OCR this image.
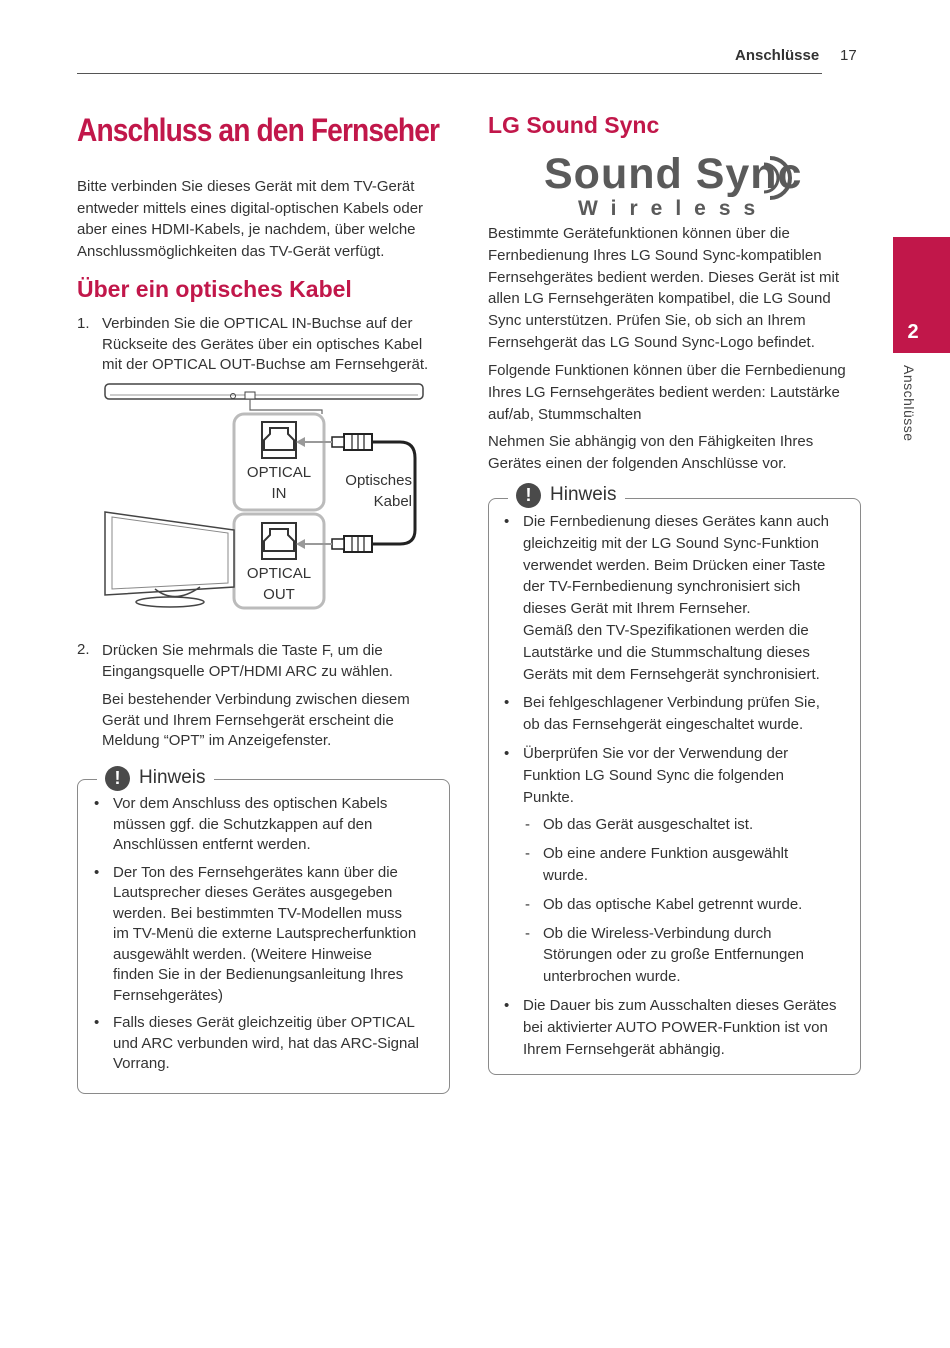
Anschlüsse 17
2
Anschlüsse
Anschluss an den Fernseher

Bitte verbinden Sie dieses Gerät mit dem TV-Gerät

entweder mittels eines digital-optischen Kabels oder

aber eines HDMI-Kabels, je nachdem, über welche

Anschlussmöglichkeiten das TV-Gerät verfügt.

Über ein optisches Kabel
1. Verbinden Sie die OPTICAL IN-Buchse auf der

Rückseite des Gerätes über ein optisches Kabel

mit der OPTICAL OUT-Buchse am Fernsehgerät.

OPTICAL
IN
Optisches
Kabel
OPTICAL
OUT
2. Drücken Sie mehrmals die Taste F, um die

Eingangsquelle OPT/HDMI ARC zu wählen.

Bei bestehender Verbindung zwischen diesem

Gerät und Ihrem Fernsehgerät erscheint die

Meldung “OPT” im Anzeigefenster.

! Hinweis
• Vor dem Anschluss des optischen Kabels
müssen ggf. die Schutzkappen auf den
Anschlüssen entfernt werden.
• Der Ton des Fernsehgerätes kann über die
Lautsprecher dieses Gerätes ausgegeben
werden. Bei bestimmten TV-Modellen muss
im TV-Menü die externe Lautsprecherfunktion
ausgewählt werden. (Weitere Hinweise
finden Sie in der Bedienungsanleitung Ihres
Fernsehgerätes)
• Falls dieses Gerät gleichzeitig über OPTICAL
und ARC verbunden wird, hat das ARC-Signal
Vorrang.
LG Sound Sync
Sound Sync
Wireless

Bestimmte Gerätefunktionen können über die

Fernbedienung Ihres LG Sound Sync-kompatiblen

Fernsehgerätes bedient werden. Dieses Gerät ist mit

allen LG Fernsehgeräten kompatibel, die LG Sound

Sync unterstützen. Prüfen Sie, ob sich an Ihrem

Fernsehgerät das LG Sound Sync-Logo befindet.

Folgende Funktionen können über die Fernbedienung

Ihres LG Fernsehgerätes bedient werden: Lautstärke

auf/ab, Stummschalten

Nehmen Sie abhängig von den Fähigkeiten Ihres

Gerätes einen der folgenden Anschlüsse vor.

! Hinweis
• Die Fernbedienung dieses Gerätes kann auch
gleichzeitig mit der LG Sound Sync-Funktion
verwendet werden. Beim Drücken einer Taste
der TV-Fernbedienung synchronisiert sich
dieses Gerät mit Ihrem Fernseher.
Gemäß den TV-Spezifikationen werden die
Lautstärke und die Stummschaltung dieses
Geräts mit dem Fernsehgerät synchronisiert.
• Bei fehlgeschlagener Verbindung prüfen Sie,
ob das Fernsehgerät eingeschaltet wurde.
• Überprüfen Sie vor der Verwendung der
Funktion LG Sound Sync die folgenden
Punkte.
- Ob das Gerät ausgeschaltet ist.
- Ob eine andere Funktion ausgewählt
wurde.
- Ob das optische Kabel getrennt wurde.
- Ob die Wireless-Verbindung durch
Störungen oder zu große Entfernungen
unterbrochen wurde.
• Die Dauer bis zum Ausschalten dieses Gerätes
bei aktivierter AUTO POWER-Funktion ist von
Ihrem Fernsehgerät abhängig.
